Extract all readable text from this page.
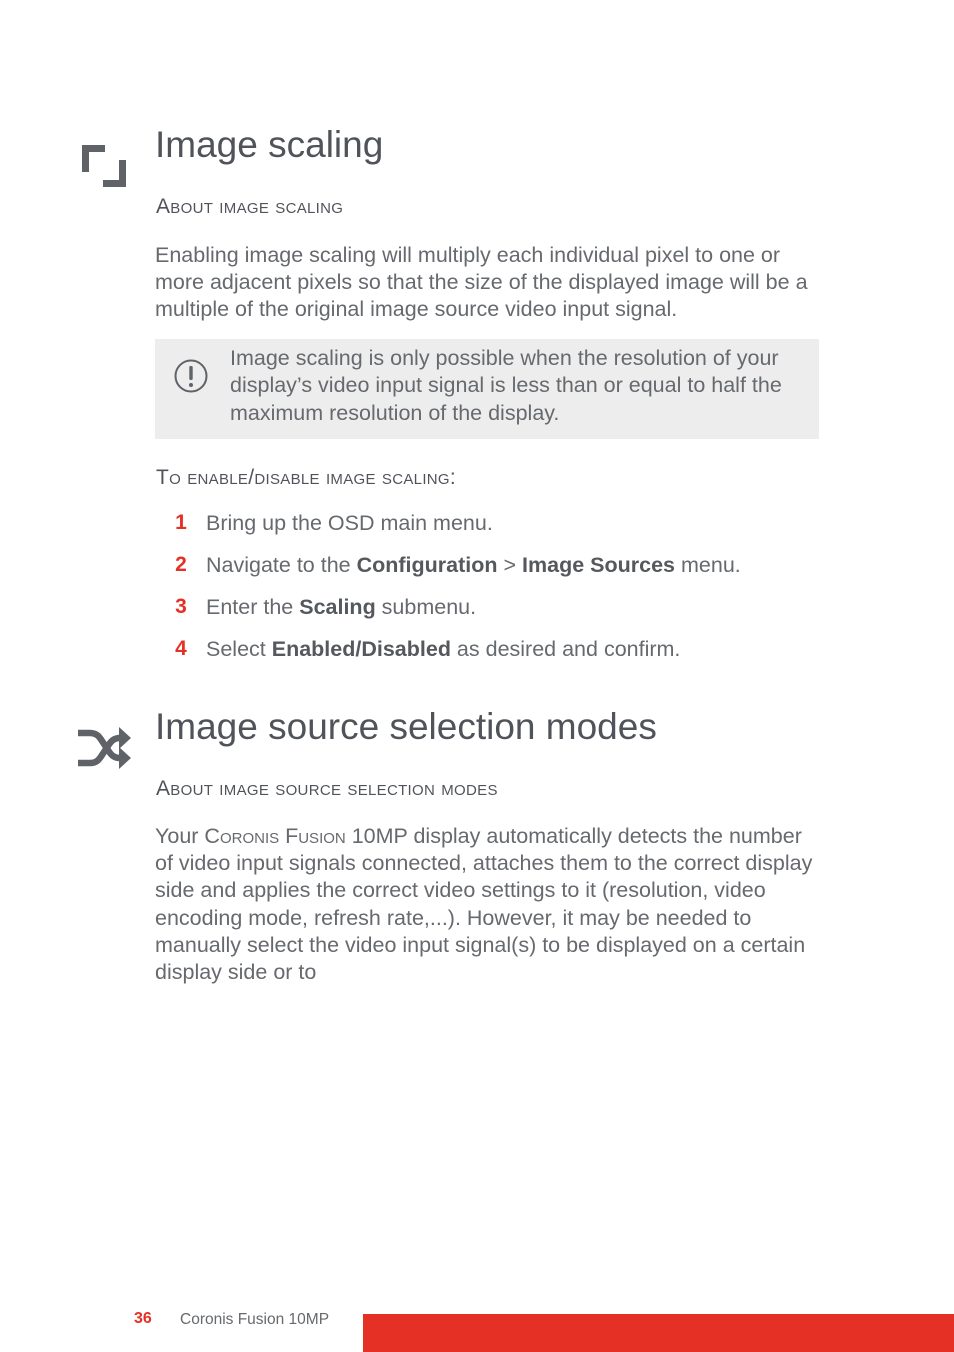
Image scaling
About image scaling

Enabling image scaling will multiply each individual pixel to one or more adjacent pixels so that the size of the displayed image will be a multiple of the original image source video input signal.

Image scaling is only possible when the resolution of your display’s video input signal is less than or equal to half the maximum resolution of the display.

To enable/disable image scaling:
1 Bring up the OSD main menu.
2 Navigate to the Configuration > Image Sources menu.
3 Enter the Scaling submenu.
4 Select Enabled/Disabled as desired and confirm.
Image source selection modes
About image source selection modes

Your Coronis Fusion 10MP display automatically detects the number of video input signals connected, attaches them to the correct display side and applies the correct video settings to it (resolution, video encoding mode, refresh rate,...). However, it may be needed to manually select the video input signal(s) to be displayed on a certain display side or to

36 Coronis Fusion 10MP
